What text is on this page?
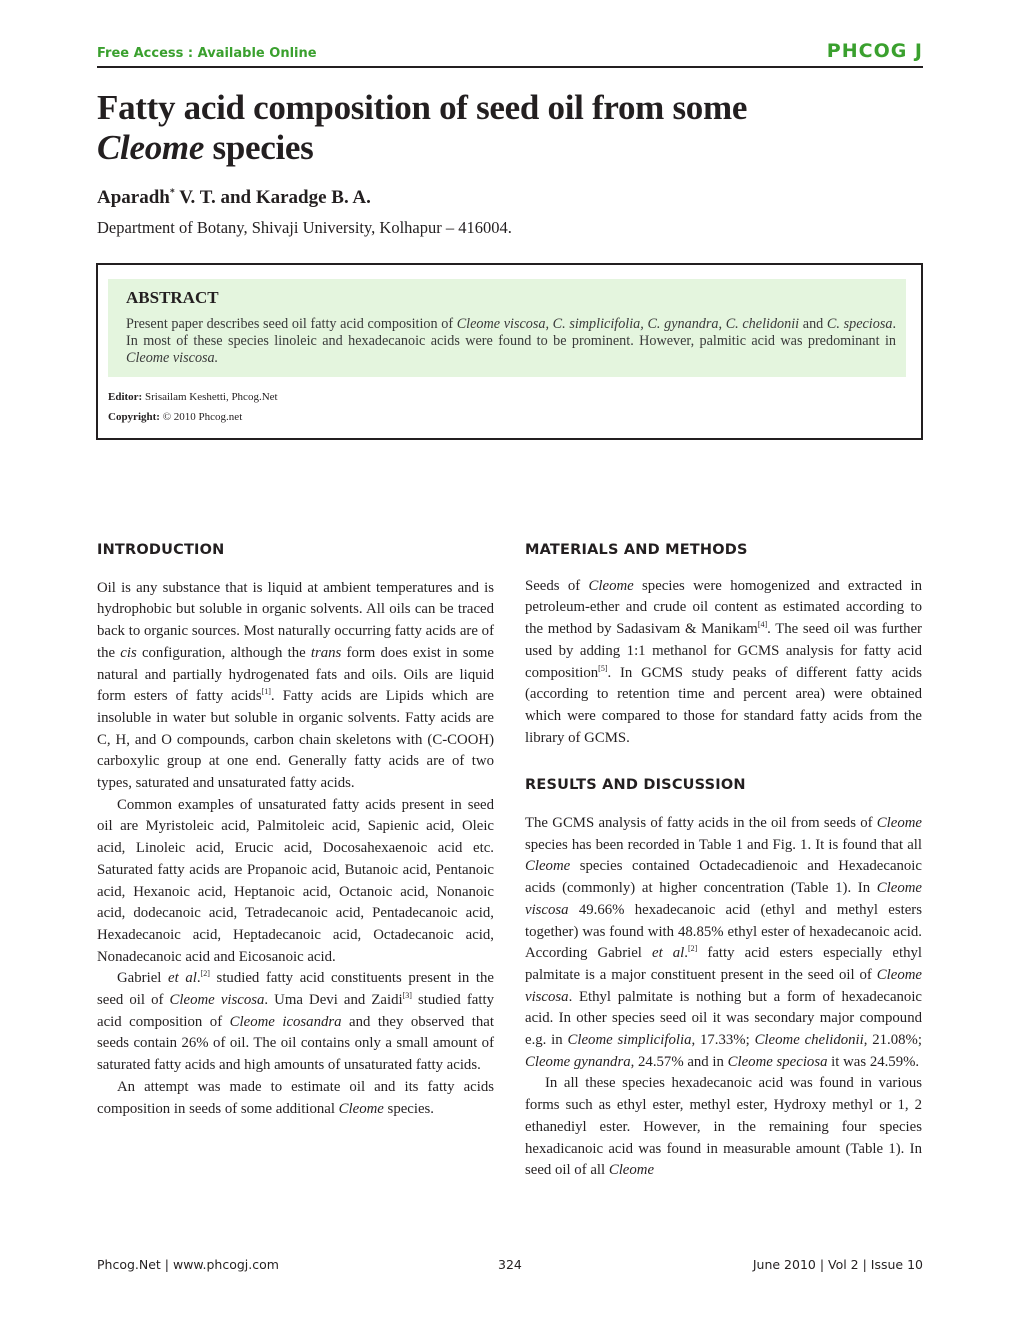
Free Access : Available Online	PHCOG J
Fatty acid composition of seed oil from some
Cleome species
Aparadh* V. T. and Karadge B. A.
Department of Botany, Shivaji University, Kolhapur – 416004.
ABSTRACT
Present paper describes seed oil fatty acid composition of Cleome viscosa, C. simplicifolia, C. gynandra, C. chelidonii and C. speciosa. In most of these species linoleic and hexadecanoic acids were found to be prominent. However, palmitic acid was predominant in Cleome viscosa.
Editor: Srisailam Keshetti, Phcog.Net
Copyright: © 2010 Phcog.net
INTRODUCTION

Oil is any substance that is liquid at ambient temperatures and is hydrophobic but soluble in organic solvents. All oils can be traced back to organic sources. Most naturally occurring fatty acids are of the cis configuration, although the trans form does exist in some natural and partially hydrogenated fats and oils. Oils are liquid form esters of fatty acids[1]. Fatty acids are Lipids which are insoluble in water but soluble in organic solvents. Fatty acids are C, H, and O compounds, carbon chain skeletons with (C-COOH) carboxylic group at one end. Generally fatty acids are of two types, saturated and unsaturated fatty acids.

Common examples of unsaturated fatty acids present in seed oil are Myristoleic acid, Palmitoleic acid, Sapienic acid, Oleic acid, Linoleic acid, Erucic acid, Docosahexaenoic acid etc. Saturated fatty acids are Propanoic acid, Butanoic acid, Pentanoic acid, Hexanoic acid, Heptanoic acid, Octanoic acid, Nonanoic acid, dodecanoic acid, Tetradecanoic acid, Pentadecanoic acid, Hexadecanoic acid, Heptadecanoic acid, Octadecanoic acid, Nonadecanoic acid and Eicosanoic acid.

Gabriel et al.[2] studied fatty acid constituents present in the seed oil of Cleome viscosa. Uma Devi and Zaidi[3] studied fatty acid composition of Cleome icosandra and they observed that seeds contain 26% of oil. The oil contains only a small amount of saturated fatty acids and high amounts of unsaturated fatty acids.

An attempt was made to estimate oil and its fatty acids composition in seeds of some additional Cleome species.

MATERIALS AND METHODS

Seeds of Cleome species were homogenized and extracted in petroleum-ether and crude oil content as estimated according to the method by Sadasivam & Manikam[4]. The seed oil was further used by adding 1:1 methanol for GCMS analysis for fatty acid composition[5]. In GCMS study peaks of different fatty acids (according to retention time and percent area) were obtained which were compared to those for standard fatty acids from the library of GCMS.

RESULTS AND DISCUSSION

The GCMS analysis of fatty acids in the oil from seeds of Cleome species has been recorded in Table 1 and Fig. 1. It is found that all Cleome species contained Octadecadienoic and Hexadecanoic acids (commonly) at higher concentration (Table 1). In Cleome viscosa 49.66% hexadecanoic acid (ethyl and methyl esters together) was found with 48.85% ethyl ester of hexadecanoic acid. According Gabriel et al.[2] fatty acid esters especially ethyl palmitate is a major constituent present in the seed oil of Cleome viscosa. Ethyl palmitate is nothing but a form of hexadecanoic acid. In other species seed oil it was secondary major compound e.g. in Cleome simplicifolia, 17.33%; Cleome chelidonii, 21.08%; Cleome gynandra, 24.57% and in Cleome speciosa it was 24.59%.

In all these species hexadecanoic acid was found in various forms such as ethyl ester, methyl ester, Hydroxy methyl or 1, 2 ethanediyl ester. However, in the remaining four species hexadicanoic acid was found in measurable amount (Table 1). In seed oil of all Cleome

Phcog.Net | www.phcogj.com	324	June 2010 | Vol 2 | Issue 10
